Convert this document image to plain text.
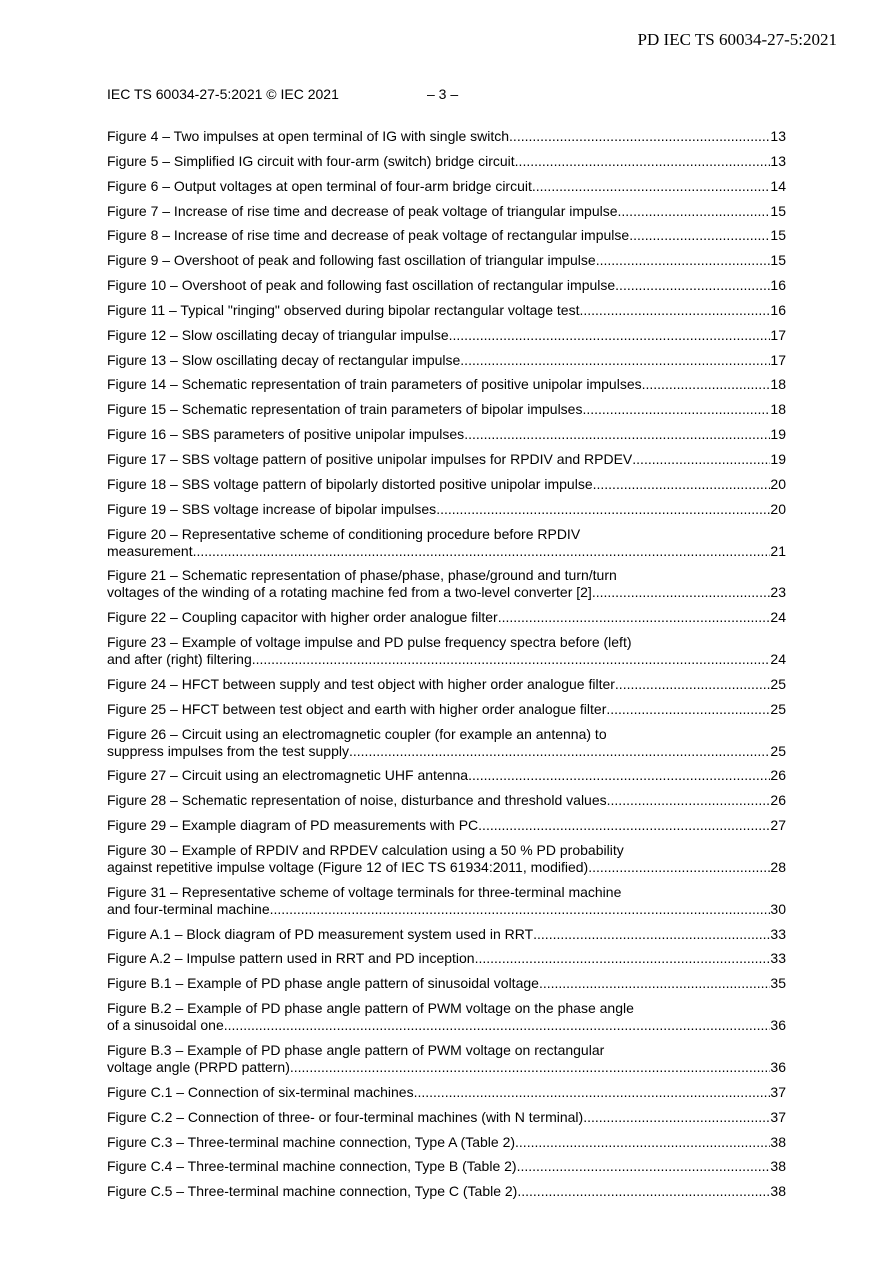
PD IEC TS 60034-27-5:2021
IEC TS 60034-27-5:2021 © IEC 2021	– 3 –
Figure 4 – Two impulses at open terminal of IG with single switch .....	13
Figure 5 – Simplified IG circuit with four-arm (switch) bridge circuit .....	13
Figure 6 – Output voltages at open terminal of four-arm bridge circuit .....	14
Figure 7 – Increase of rise time and decrease of peak voltage of triangular impulse .....	15
Figure 8 – Increase of rise time and decrease of peak voltage of rectangular impulse .....	15
Figure 9 – Overshoot of peak and following fast oscillation of triangular impulse .....	15
Figure 10 – Overshoot of peak and following fast oscillation of rectangular impulse .....	16
Figure 11 – Typical "ringing" observed during bipolar rectangular voltage test .....	16
Figure 12 – Slow oscillating decay of triangular impulse .....	17
Figure 13 – Slow oscillating decay of rectangular impulse .....	17
Figure 14 – Schematic representation of train parameters of positive unipolar impulses .....	18
Figure 15 – Schematic representation of train parameters of bipolar impulses .....	18
Figure 16 – SBS parameters of positive unipolar impulses .....	19
Figure 17 – SBS voltage pattern of positive unipolar impulses for RPDIV and RPDEV .....	19
Figure 18 – SBS voltage pattern of bipolarly distorted positive unipolar impulse .....	20
Figure 19 – SBS voltage increase of bipolar impulses .....	20
Figure 20 – Representative scheme of conditioning procedure before RPDIV
measurement .....	21
Figure 21 – Schematic representation of phase/phase, phase/ground and turn/turn
voltages of the winding of a rotating machine fed from a two-level converter [2] .....	23
Figure 22 – Coupling capacitor with higher order analogue filter .....	24
Figure 23 – Example of voltage impulse and PD pulse frequency spectra before (left)
and after (right) filtering .....	24
Figure 24 – HFCT between supply and test object with higher order analogue filter .....	25
Figure 25 – HFCT between test object and earth with higher order analogue filter .....	25
Figure 26 – Circuit using an electromagnetic coupler (for example an antenna) to
suppress impulses from the test supply .....	25
Figure 27 – Circuit using an electromagnetic UHF antenna .....	26
Figure 28 – Schematic representation of noise, disturbance and threshold values .....	26
Figure 29 – Example diagram of PD measurements with PC .....	27
Figure 30 – Example of RPDIV and RPDEV calculation using a 50 % PD probability
against repetitive impulse voltage (Figure 12 of IEC TS 61934:2011, modified) .....	28
Figure 31 – Representative scheme of voltage terminals for three-terminal machine
and four-terminal machine .....	30
Figure A.1 – Block diagram of PD measurement system used in RRT .....	33
Figure A.2 – Impulse pattern used in RRT and PD inception .....	33
Figure B.1 – Example of PD phase angle pattern of sinusoidal voltage .....	35
Figure B.2 – Example of PD phase angle pattern of PWM voltage on the phase angle
of a sinusoidal one .....	36
Figure B.3 – Example of PD phase angle pattern of PWM voltage on rectangular
voltage angle (PRPD pattern) .....	36
Figure C.1 – Connection of six-terminal machines .....	37
Figure C.2 – Connection of three- or four-terminal machines (with N terminal) .....	37
Figure C.3 – Three-terminal machine connection, Type A (Table 2) .....	38
Figure C.4 – Three-terminal machine connection, Type B (Table 2) .....	38
Figure C.5 – Three-terminal machine connection, Type C (Table 2) .....	38
